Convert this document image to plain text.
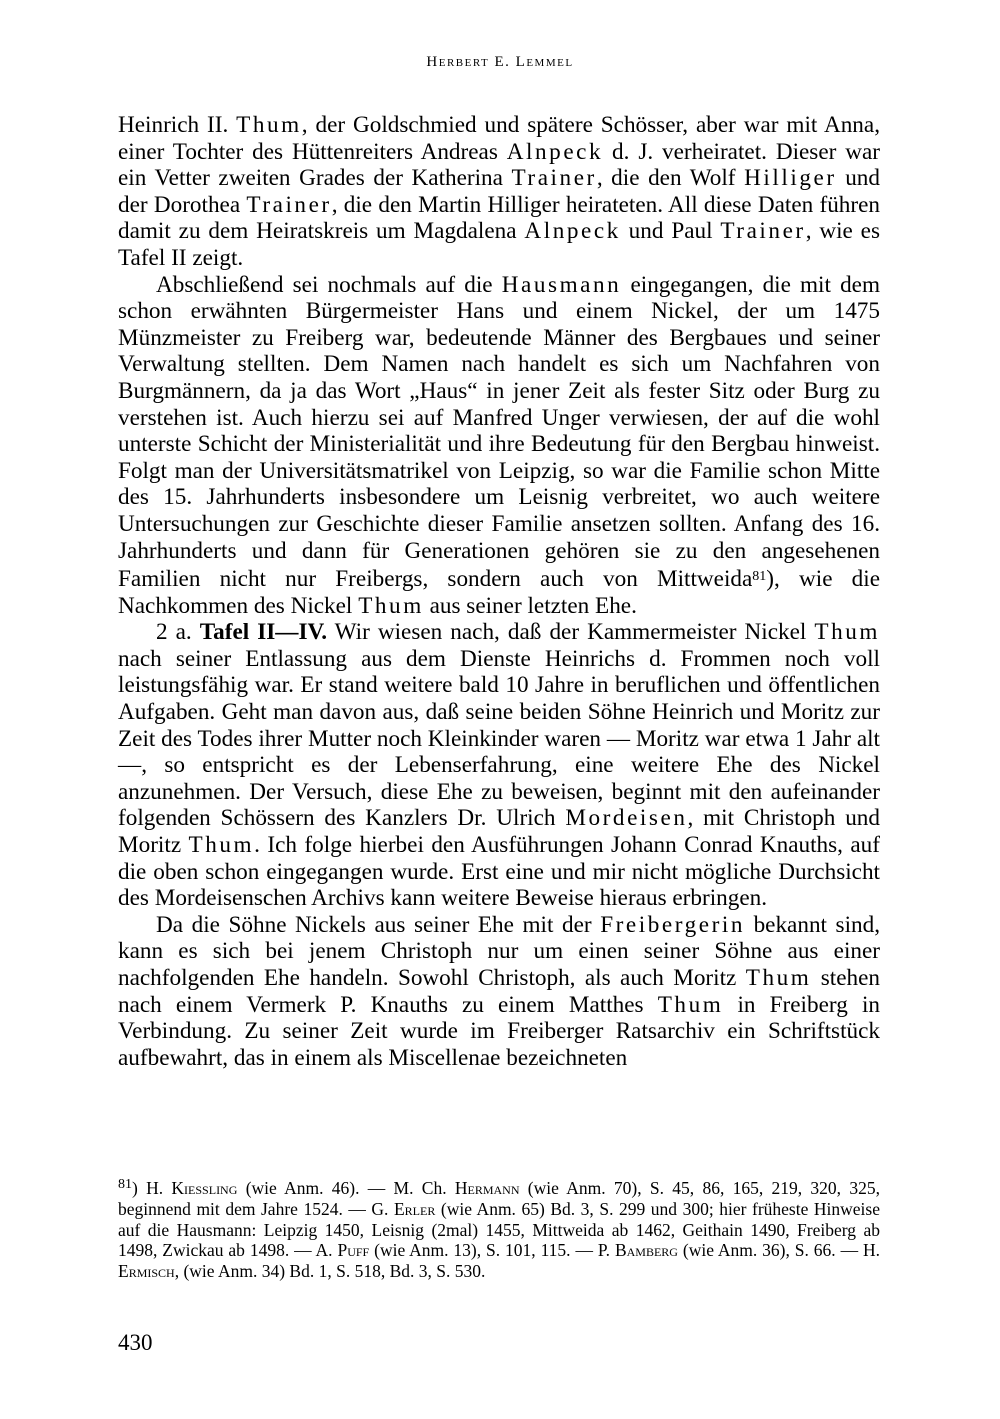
Herbert E. Lemmel

Heinrich II. Thum, der Goldschmied und spätere Schösser, aber war mit Anna, einer Tochter des Hüttenreiters Andreas Alnpeck d. J. verheiratet. Dieser war ein Vetter zweiten Grades der Katherina Trainer, die den Wolf Hilliger und der Dorothea Trainer, die den Martin Hilliger heirateten. All diese Daten führen damit zu dem Heiratskreis um Magdalena Alnpeck und Paul Trainer, wie es Tafel II zeigt.

Abschließend sei nochmals auf die Hausmann eingegangen, die mit dem schon erwähnten Bürgermeister Hans und einem Nickel, der um 1475 Münzmeister zu Freiberg war, bedeutende Männer des Bergbaues und seiner Verwaltung stellten. Dem Namen nach handelt es sich um Nachfahren von Burgmännern, da ja das Wort „Haus“ in jener Zeit als fester Sitz oder Burg zu verstehen ist. Auch hierzu sei auf Manfred Unger verwiesen, der auf die wohl unterste Schicht der Ministerialität und ihre Bedeutung für den Bergbau hinweist. Folgt man der Universitätsmatrikel von Leipzig, so war die Familie schon Mitte des 15. Jahrhunderts insbesondere um Leisnig verbreitet, wo auch weitere Untersuchungen zur Geschichte dieser Familie ansetzen sollten. Anfang des 16. Jahrhunderts und dann für Generationen gehören sie zu den angesehenen Familien nicht nur Freibergs, sondern auch von Mittweida$^{81}$), wie die Nachkommen des Nickel Thum aus seiner letzten Ehe.

2 a. Tafel II—IV. Wir wiesen nach, daß der Kammermeister Nickel Thum nach seiner Entlassung aus dem Dienste Heinrichs d. Frommen noch voll leistungsfähig war. Er stand weitere bald 10 Jahre in beruflichen und öffentlichen Aufgaben. Geht man davon aus, daß seine beiden Söhne Heinrich und Moritz zur Zeit des Todes ihrer Mutter noch Kleinkinder waren — Moritz war etwa 1 Jahr alt —, so entspricht es der Lebenserfahrung, eine weitere Ehe des Nickel anzunehmen. Der Versuch, diese Ehe zu beweisen, beginnt mit den aufeinander folgenden Schössern des Kanzlers Dr. Ulrich Mordeisen, mit Christoph und Moritz Thum. Ich folge hierbei den Ausführungen Johann Conrad Knauths, auf die oben schon eingegangen wurde. Erst eine und mir nicht mögliche Durchsicht des Mordeisenschen Archivs kann weitere Beweise hieraus erbringen.

Da die Söhne Nickels aus seiner Ehe mit der Freibergerin bekannt sind, kann es sich bei jenem Christoph nur um einen seiner Söhne aus einer nachfolgenden Ehe handeln. Sowohl Christoph, als auch Moritz Thum stehen nach einem Vermerk P. Knauths zu einem Matthes Thum in Freiberg in Verbindung. Zu seiner Zeit wurde im Freiberger Ratsarchiv ein Schriftstück aufbewahrt, das in einem als Miscellenae bezeichneten

$^{81}$) H. Kiessling (wie Anm. 46). — M. Ch. Hermann (wie Anm. 70), S. 45, 86, 165, 219, 320, 325, beginnend mit dem Jahre 1524. — G. Erler (wie Anm. 65) Bd. 3, S. 299 und 300; hier früheste Hinweise auf die Hausmann: Leipzig 1450, Leisnig (2mal) 1455, Mittweida ab 1462, Geithain 1490, Freiberg ab 1498, Zwickau ab 1498. — A. Puff (wie Anm. 13), S. 101, 115. — P. Bamberg (wie Anm. 36), S. 66. — H. Ermisch, (wie Anm. 34) Bd. 1, S. 518, Bd. 3, S. 530.

430
